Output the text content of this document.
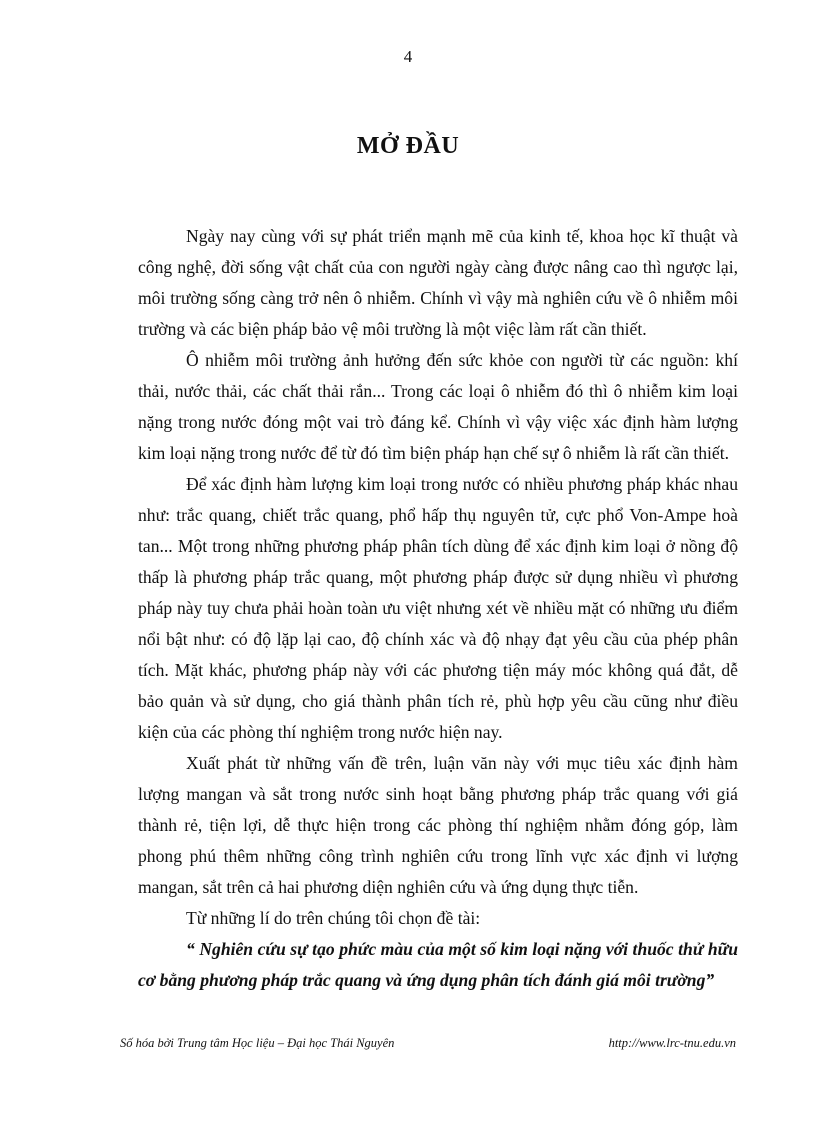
4
MỞ ĐẦU

Ngày nay cùng với sự phát triển mạnh mẽ của kinh tế, khoa học kĩ thuật và công nghệ, đời sống vật chất của con người ngày càng được nâng cao thì ngược lại, môi trường sống càng trở nên ô nhiễm. Chính vì vậy mà nghiên cứu về ô nhiễm môi trường và các biện pháp bảo vệ môi trường là một việc làm rất cần thiết.

Ô nhiễm môi trường ảnh hưởng đến sức khỏe con người từ các nguồn: khí thải, nước thải, các chất thải rắn... Trong các loại ô nhiễm đó thì ô nhiễm kim loại nặng trong nước đóng một vai trò đáng kể. Chính vì vậy việc xác định hàm lượng kim loại nặng trong nước để từ đó tìm biện pháp hạn chế sự ô nhiễm là rất cần thiết.

Để xác định hàm lượng kim loại trong nước có nhiều phương pháp khác nhau như: trắc quang, chiết trắc quang, phổ hấp thụ nguyên tử, cực phổ Von-Ampe hoà tan... Một trong những phương pháp phân tích dùng để xác định kim loại ở nồng độ thấp là phương pháp trắc quang, một phương pháp được sử dụng nhiều vì phương pháp này tuy chưa phải hoàn toàn ưu việt nhưng xét về nhiều mặt có những ưu điểm nổi bật như: có độ lặp lại cao, độ chính xác và độ nhạy đạt yêu cầu của phép phân tích. Mặt khác, phương pháp này với các phương tiện máy móc không quá đắt, dễ bảo quản và sử dụng, cho giá thành phân tích rẻ, phù hợp yêu cầu cũng như điều kiện của các phòng thí nghiệm trong nước hiện nay.

Xuất phát từ những vấn đề trên, luận văn này với mục tiêu xác định hàm lượng mangan và sắt trong nước sinh hoạt bằng phương pháp trắc quang với giá thành rẻ, tiện lợi, dễ thực hiện trong các phòng thí nghiệm nhằm đóng góp, làm phong phú thêm những công trình nghiên cứu trong lĩnh vực xác định vi lượng mangan, sắt trên cả hai phương diện nghiên cứu và ứng dụng thực tiễn.

Từ những lí do trên chúng tôi chọn đề tài:

“ Nghiên cứu sự tạo phức màu của một số kim loại nặng với thuốc thử hữu cơ bằng phương pháp trắc quang và ứng dụng phân tích đánh giá môi trường”

Số hóa bởi Trung tâm Học liệu – Đại học Thái Nguyên	http://www.lrc-tnu.edu.vn
